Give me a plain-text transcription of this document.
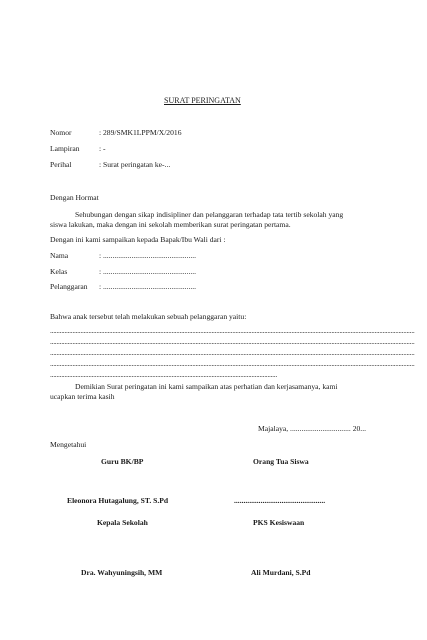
SURAT PERINGATAN
Nomor	: 289/SMK1LPPM/X/2016
Lampiran	: -
Perihal	: Surat peringatan ke-...
Dengan Hormat
Sehubungan dengan sikap indisipliner dan pelanggaran terhadap tata tertib sekolah yang
siswa lakukan, maka dengan ini sekolah memberikan surat peringatan pertama.
Dengan ini kami sampaikan kepada Bapak/Ibu Wali dari :
Nama	: .................................................
Kelas	: .................................................
Pelanggaran : .................................................
Bahwa anak tersebut telah melakukan sebuah pelanggaran yaitu:
....................................................................................................................................................................................................................................
....................................................................................................................................................................................................................................
....................................................................................................................................................................................................................................
....................................................................................................................................................................................................................................
..............................................................................................................................................
Demikian Surat peringatan ini kami sampaikan atas perhatian dan kerjasamanya, kami
ucapkan terima kasih
Majalaya, ................................ 20...
Mengetahui
Guru BK/BP	Orang Tua Siswa
Eleonora Hutagalung, ST. S.Pd	................................................
Kepala Sekolah	PKS Kesiswaan
Dra. Wahyuningsih, MM	Ali Murdani, S.Pd
